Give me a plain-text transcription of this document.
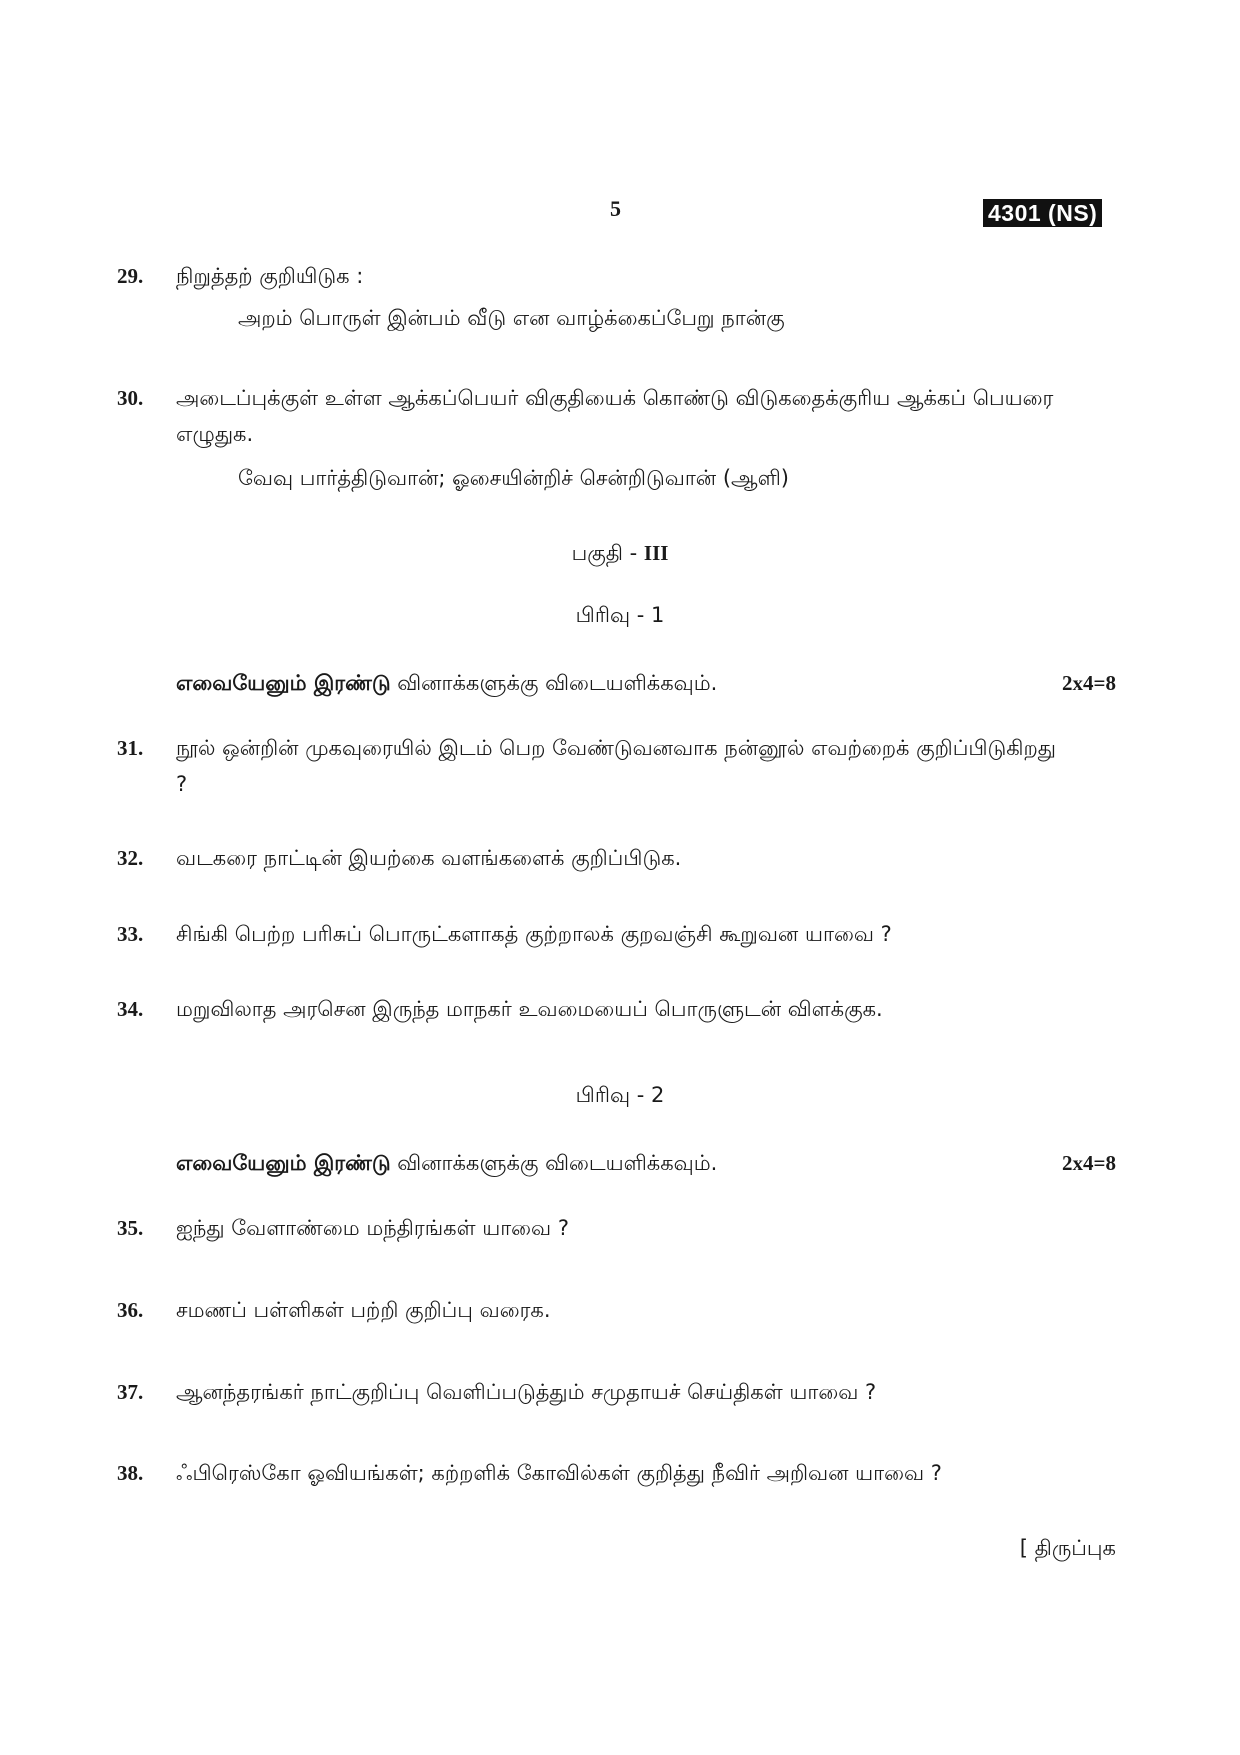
5	4301 (NS)
29. நிறுத்தற் குறியிடுக :
அறம் பொருள் இன்பம் வீடு என வாழ்க்கைப்பேறு நான்கு
30. அடைப்புக்குள் உள்ள ஆக்கப்பெயர் விகுதியைக் கொண்டு விடுகதைக்குரிய ஆக்கப் பெயரை எழுதுக.
வேவு பார்த்திடுவான்; ஓசையின்றிச் சென்றிடுவான் (ஆளி)
பகுதி - III
பிரிவு - 1
எவையேனும் இரண்டு வினாக்களுக்கு விடையளிக்கவும்.	2x4=8
31. நூல் ஒன்றின் முகவுரையில் இடம் பெற வேண்டுவனவாக நன்னூல் எவற்றைக் குறிப்பிடுகிறது ?
32. வடகரை நாட்டின் இயற்கை வளங்களைக் குறிப்பிடுக.
33. சிங்கி பெற்ற பரிசுப் பொருட்களாகத் குற்றாலக் குறவஞ்சி கூறுவன யாவை ?
34. மறுவிலாத அரசென இருந்த மாநகர் உவமையைப் பொருளுடன் விளக்குக.
பிரிவு - 2
எவையேனும் இரண்டு வினாக்களுக்கு விடையளிக்கவும்.	2x4=8
35. ஐந்து வேளாண்மை மந்திரங்கள் யாவை ?
36. சமணப் பள்ளிகள் பற்றி குறிப்பு வரைக.
37. ஆனந்தரங்கர் நாட்குறிப்பு வெளிப்படுத்தும் சமுதாயச் செய்திகள் யாவை ?
38. ஃபிரெஸ்கோ ஓவியங்கள்; கற்றளிக் கோவில்கள் குறித்து நீவிர் அறிவன யாவை ?
[ திருப்புக
